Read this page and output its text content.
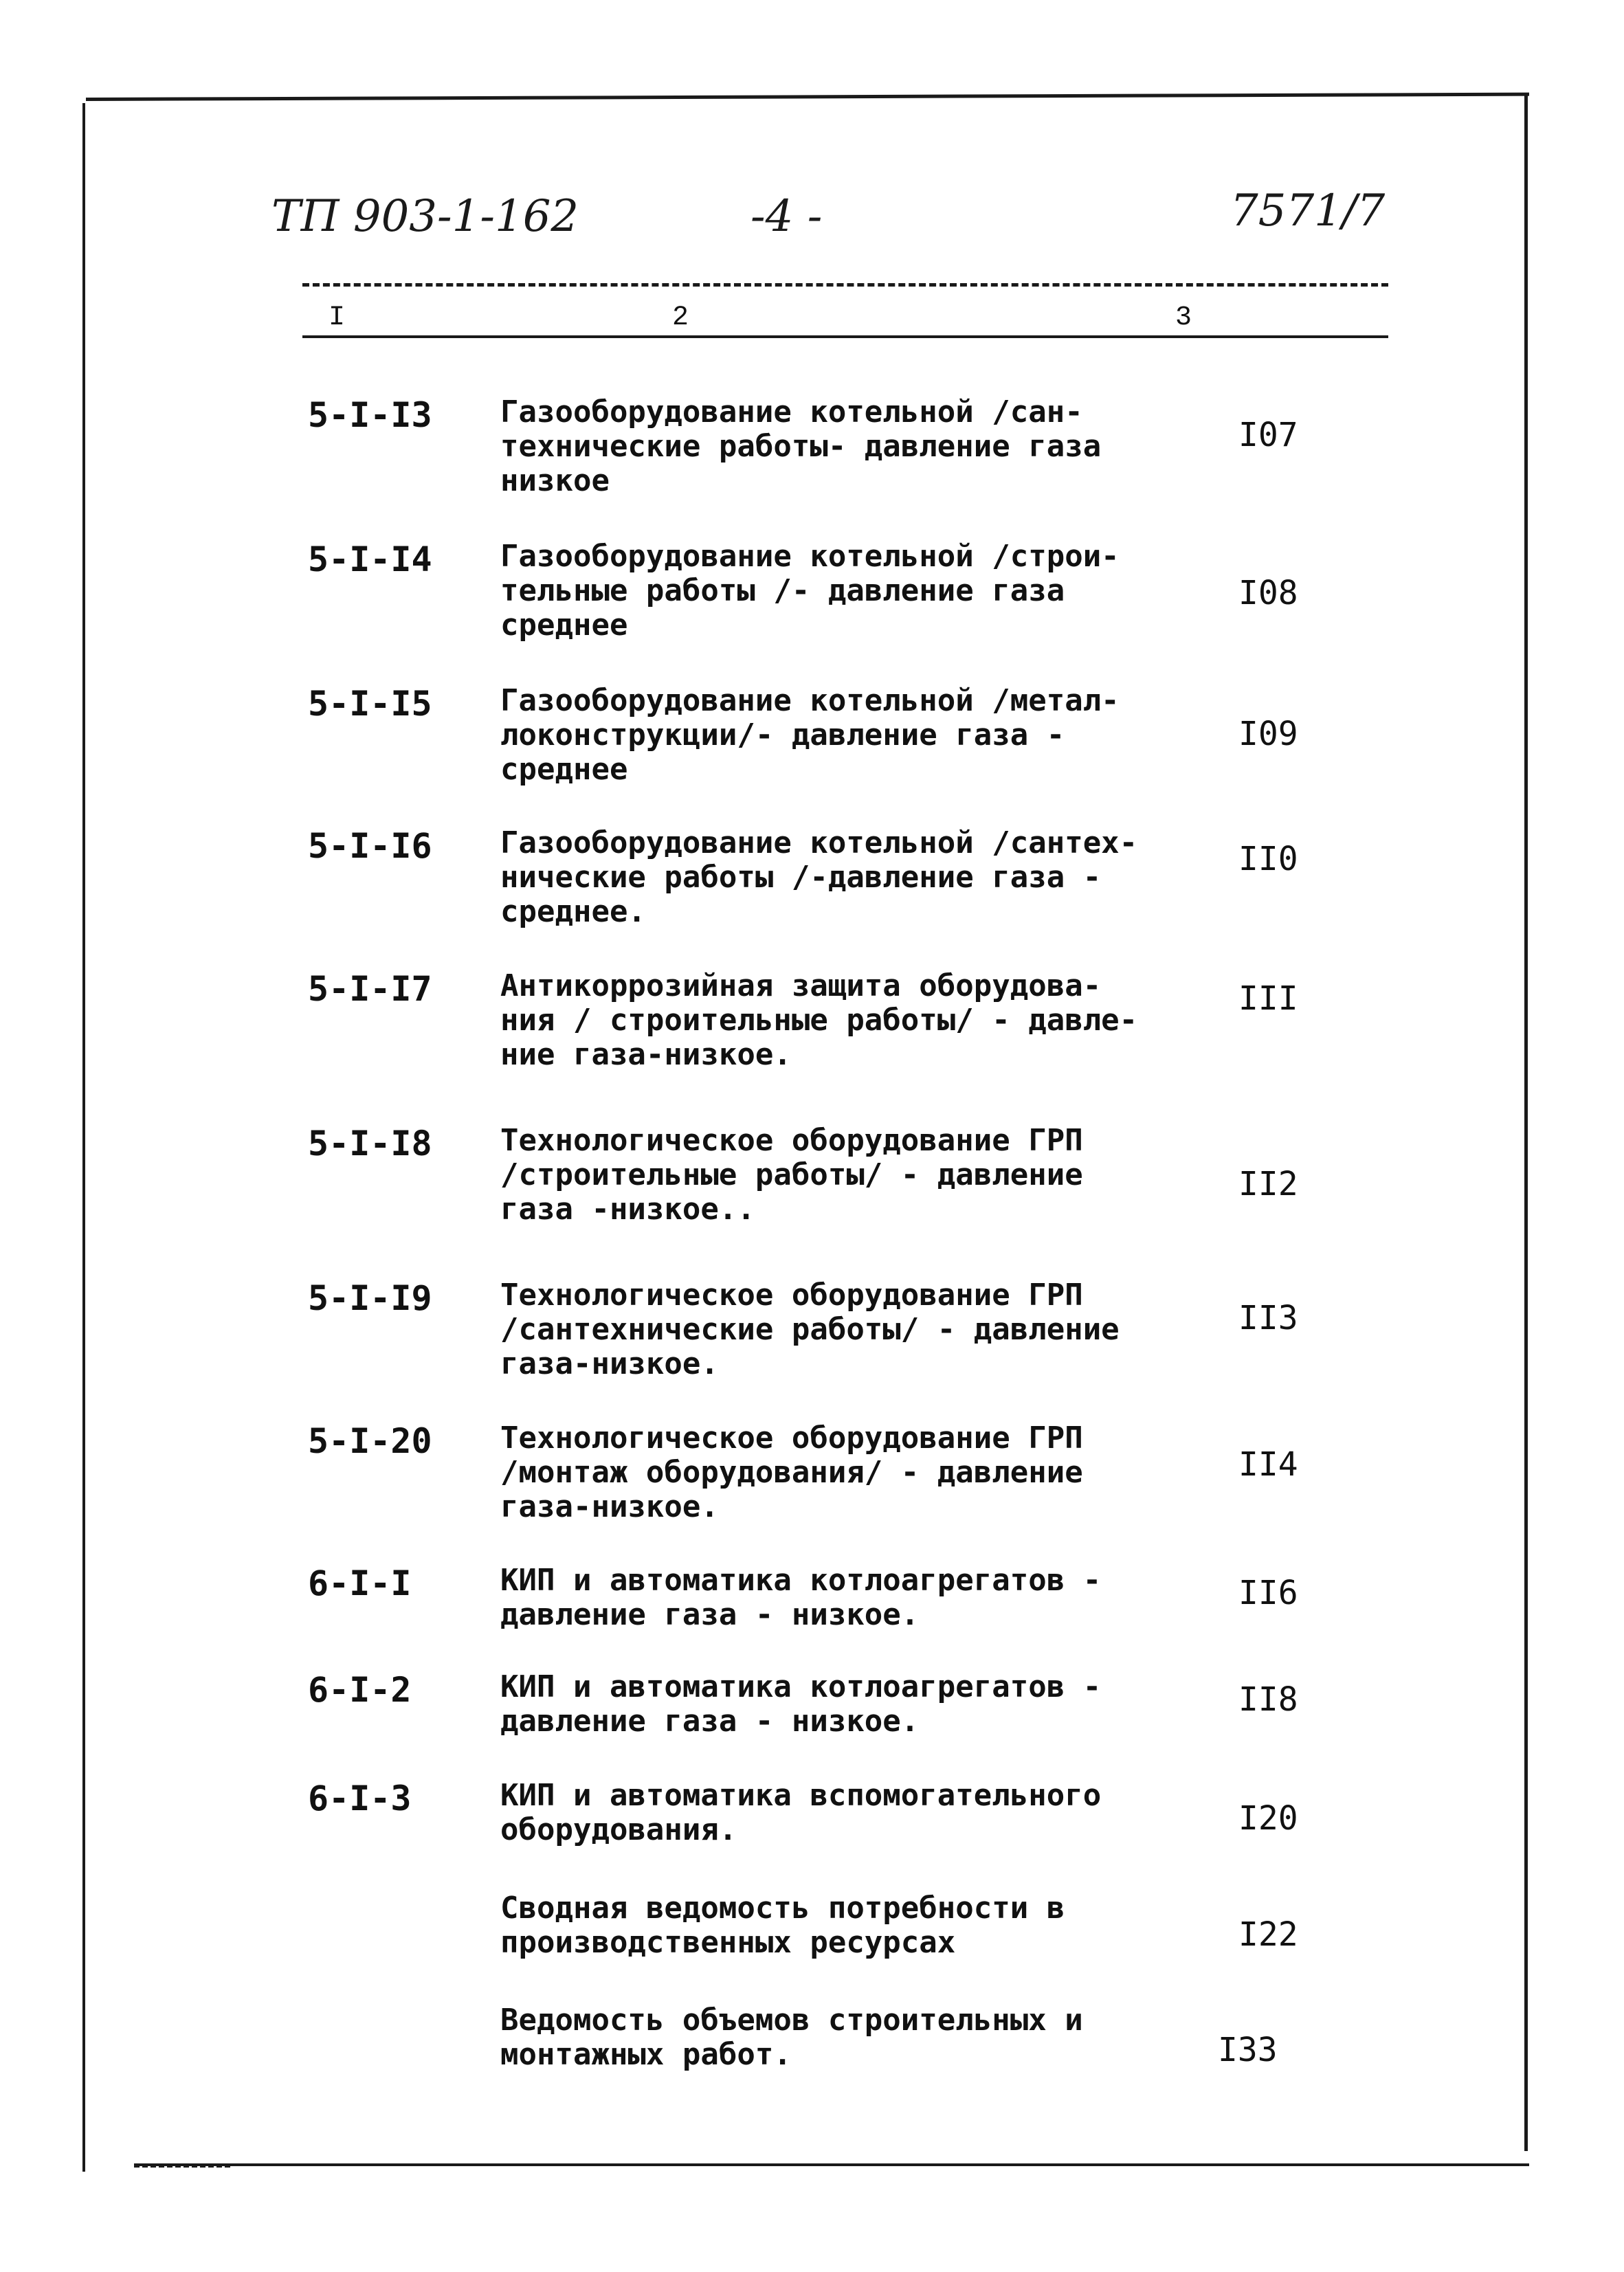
ТП 903-1-162	-4 -	7571/7
I	2	3
5-I-I3 Газооборудование котельной /сан-
технические работы- давление газа
низкое
I07
5-I-I4 Газооборудование котельной /строи-
тельные работы /- давление газа
среднее
I08
5-I-I5 Газооборудование котельной /метал-
локонструкции/- давление газа -
среднее
I09
5-I-I6 Газооборудование котельной /сантех-
нические работы /-давление газа -
среднее.
II0
5-I-I7 Антикоррозийная защита оборудова-
ния / строительные работы/ - давле-
ние газа-низкое.
III
5-I-I8 Технологическое оборудование ГРП
/строительные работы/ - давление
газа -низкое..
II2
5-I-I9 Технологическое оборудование ГРП
/сантехнические работы/ - давление
газа-низкое.
II3
5-I-20 Технологическое оборудование ГРП
/монтаж оборудования/ - давление
газа-низкое.
II4
6-I-I	КИП и автоматика котлоагрегатов -
давление газа - низкое.
II6
6-I-2	КИП и автоматика котлоагрегатов -
давление газа - низкое.
II8
6-I-3	КИП и автоматика вспомогательного
оборудования.	I20
Сводная ведомость потребности в
производственных ресурсах	I22
Ведомость объемов строительных и
монтажных работ.	I33
